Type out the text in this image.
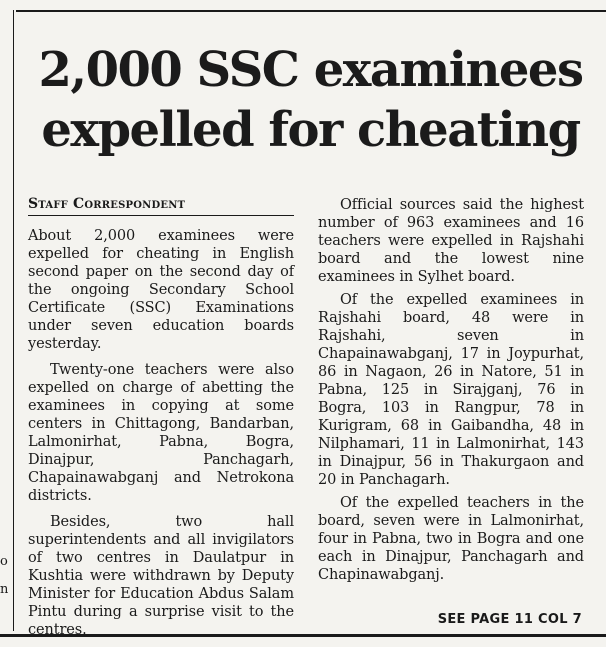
o
n
2,000 SSC examinees
expelled for cheating
Staff Correspondent

About 2,000 examinees were expelled for cheating in English second paper on the second day of the ongoing Secondary School Certificate (SSC) Examinations under seven education boards yesterday.

Twenty-one teachers were also expelled on charge of abetting the examinees in copying at some centers in Chittagong, Bandarban, Lalmonirhat, Pabna, Bogra, Dinajpur, Panchagarh, Chapainawabganj and Netrokona districts.

Besides, two hall superintendents and all invigilators of two centres in Daulatpur in Kushtia were withdrawn by Deputy Minister for Education Abdus Salam Pintu during a surprise visit to the centres.

Official sources said the highest number of 963 examinees and 16 teachers were expelled in Rajshahi board and the lowest nine examinees in Sylhet board.

Of the expelled examinees in Rajshahi board, 48 were in Rajshahi, seven in Chapainawabganj, 17 in Joypurhat, 86 in Nagaon, 26 in Natore, 51 in Pabna, 125 in Sirajganj, 76 in Bogra, 103 in Rangpur, 78 in Kurigram, 68 in Gaibandha, 48 in Nilphamari, 11 in Lalmonirhat, 143 in Dinajpur, 56 in Thakurgaon and 20 in Panchagarh.

Of the expelled teachers in the board, seven were in Lalmonirhat, four in Pabna, two in Bogra and one each in Dinajpur, Panchagarh and Chapinawabganj.

SEE PAGE 11 COL 7
